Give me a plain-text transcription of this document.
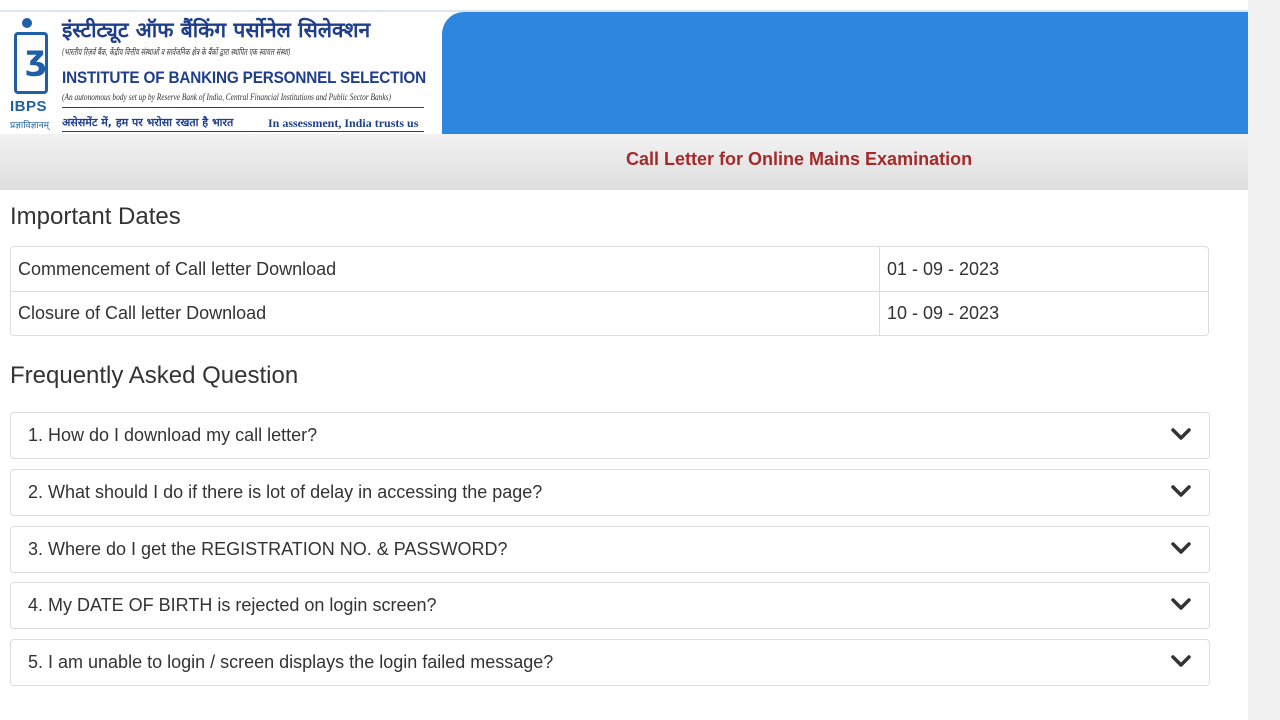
ʒ
IBPS
प्रज्ञाविज्ञानम्
इंस्टीट्यूट ऑफ बैंकिंग पर्सोनेल सिलेक्शन
(भारतीय रिज़र्व बैंक, केंद्रीय वित्तीय संस्थाओं व सार्वजनिक क्षेत्र के बैंकों द्वारा स्थापित एक स्वायत्त संस्था)
INSTITUTE OF BANKING PERSONNEL SELECTION
(An autonomous body set up by Reserve Bank of India, Central Financial Institutions and Public Sector Banks)
असेसमेंट में, हम पर भरोसा रखता है भारत	In assessment, India trusts us
Call Letter for Online Mains Examination
Important Dates
Commencement of Call letter Download	01 - 09 - 2023
Closure of Call letter Download	10 - 09 - 2023
Frequently Asked Question
1. How do I download my call letter?
2. What should I do if there is lot of delay in accessing the page?
3. Where do I get the REGISTRATION NO. & PASSWORD?
4. My DATE OF BIRTH is rejected on login screen?
5. I am unable to login / screen displays the login failed message?
